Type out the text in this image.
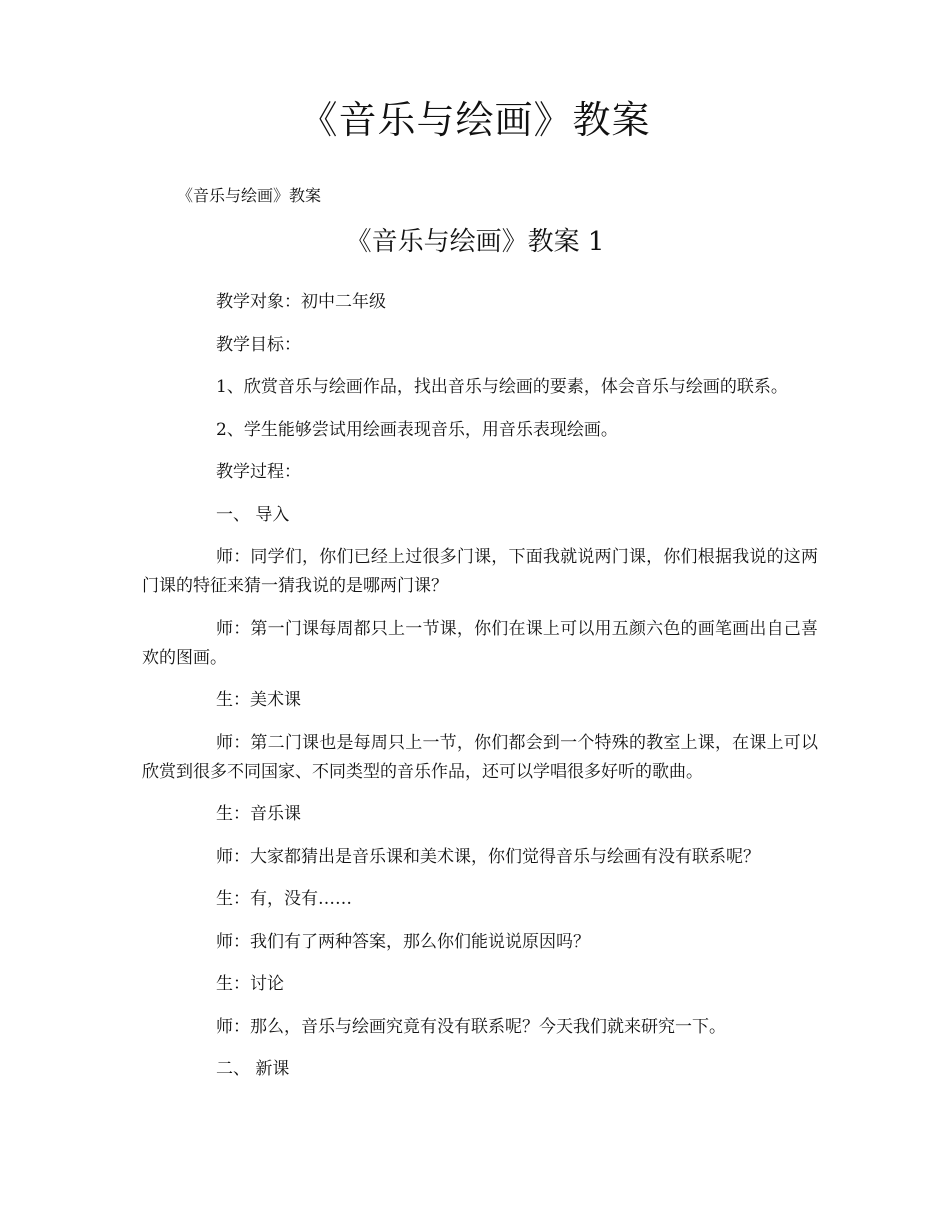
《音乐与绘画》教案
《音乐与绘画》教案
《音乐与绘画》教案 1

教学对象：初中二年级

教学目标：

1、欣赏音乐与绘画作品，找出音乐与绘画的要素，体会音乐与绘画的联系。

2、学生能够尝试用绘画表现音乐，用音乐表现绘画。

教学过程：

一、 导入

师：同学们，你们已经上过很多门课，下面我就说两门课，你们根据我说的这两门课的特征来猜一猜我说的是哪两门课？

师：第一门课每周都只上一节课，你们在课上可以用五颜六色的画笔画出自己喜欢的图画。

生：美术课

师：第二门课也是每周只上一节，你们都会到一个特殊的教室上课，在课上可以欣赏到很多不同国家、不同类型的音乐作品，还可以学唱很多好听的歌曲。

生：音乐课

师：大家都猜出是音乐课和美术课，你们觉得音乐与绘画有没有联系呢？

生：有，没有……

师：我们有了两种答案，那么你们能说说原因吗？

生：讨论

师：那么，音乐与绘画究竟有没有联系呢？今天我们就来研究一下。

二、 新课
